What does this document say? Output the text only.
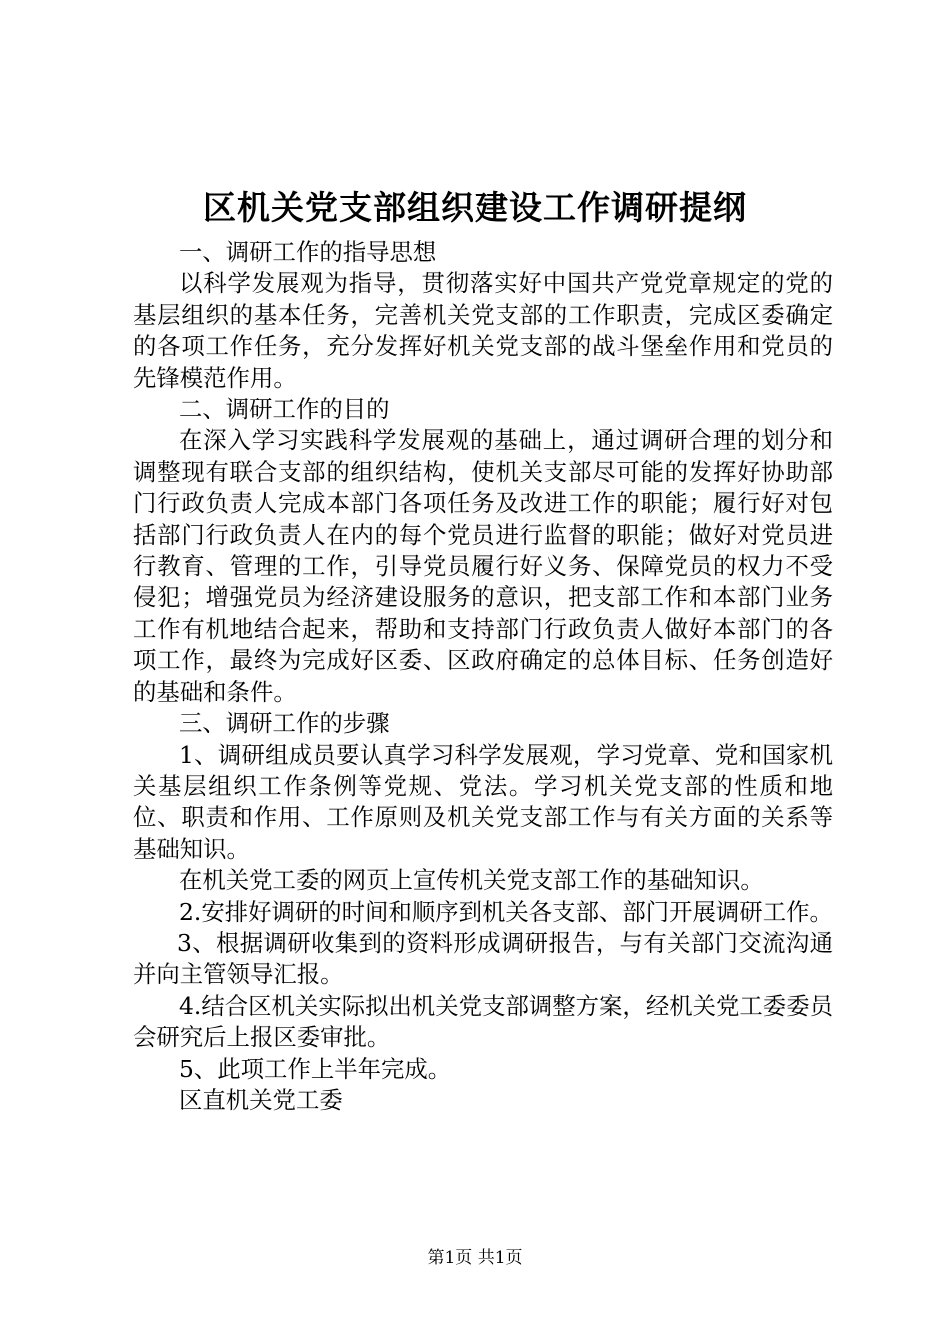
区机关党支部组织建设工作调研提纲

一、调研工作的指导思想

以科学发展观为指导，贯彻落实好中国共产党党章规定的党的基层组织的基本任务，完善机关党支部的工作职责，完成区委确定的各项工作任务，充分发挥好机关党支部的战斗堡垒作用和党员的先锋模范作用。

二、调研工作的目的

在深入学习实践科学发展观的基础上，通过调研合理的划分和调整现有联合支部的组织结构，使机关支部尽可能的发挥好协助部门行政负责人完成本部门各项任务及改进工作的职能；履行好对包括部门行政负责人在内的每个党员进行监督的职能；做好对党员进行教育、管理的工作，引导党员履行好义务、保障党员的权力不受侵犯；增强党员为经济建设服务的意识，把支部工作和本部门业务工作有机地结合起来，帮助和支持部门行政负责人做好本部门的各项工作，最终为完成好区委、区政府确定的总体目标、任务创造好的基础和条件。

三、调研工作的步骤

1、调研组成员要认真学习科学发展观，学习党章、党和国家机关基层组织工作条例等党规、党法。学习机关党支部的性质和地位、职责和作用、工作原则及机关党支部工作与有关方面的关系等基础知识。

在机关党工委的网页上宣传机关党支部工作的基础知识。

2.安排好调研的时间和顺序到机关各支部、部门开展调研工作。

3、根据调研收集到的资料形成调研报告，与有关部门交流沟通并向主管领导汇报。

4.结合区机关实际拟出机关党支部调整方案，经机关党工委委员会研究后上报区委审批。

5、此项工作上半年完成。

区直机关党工委

第1页 共1页
